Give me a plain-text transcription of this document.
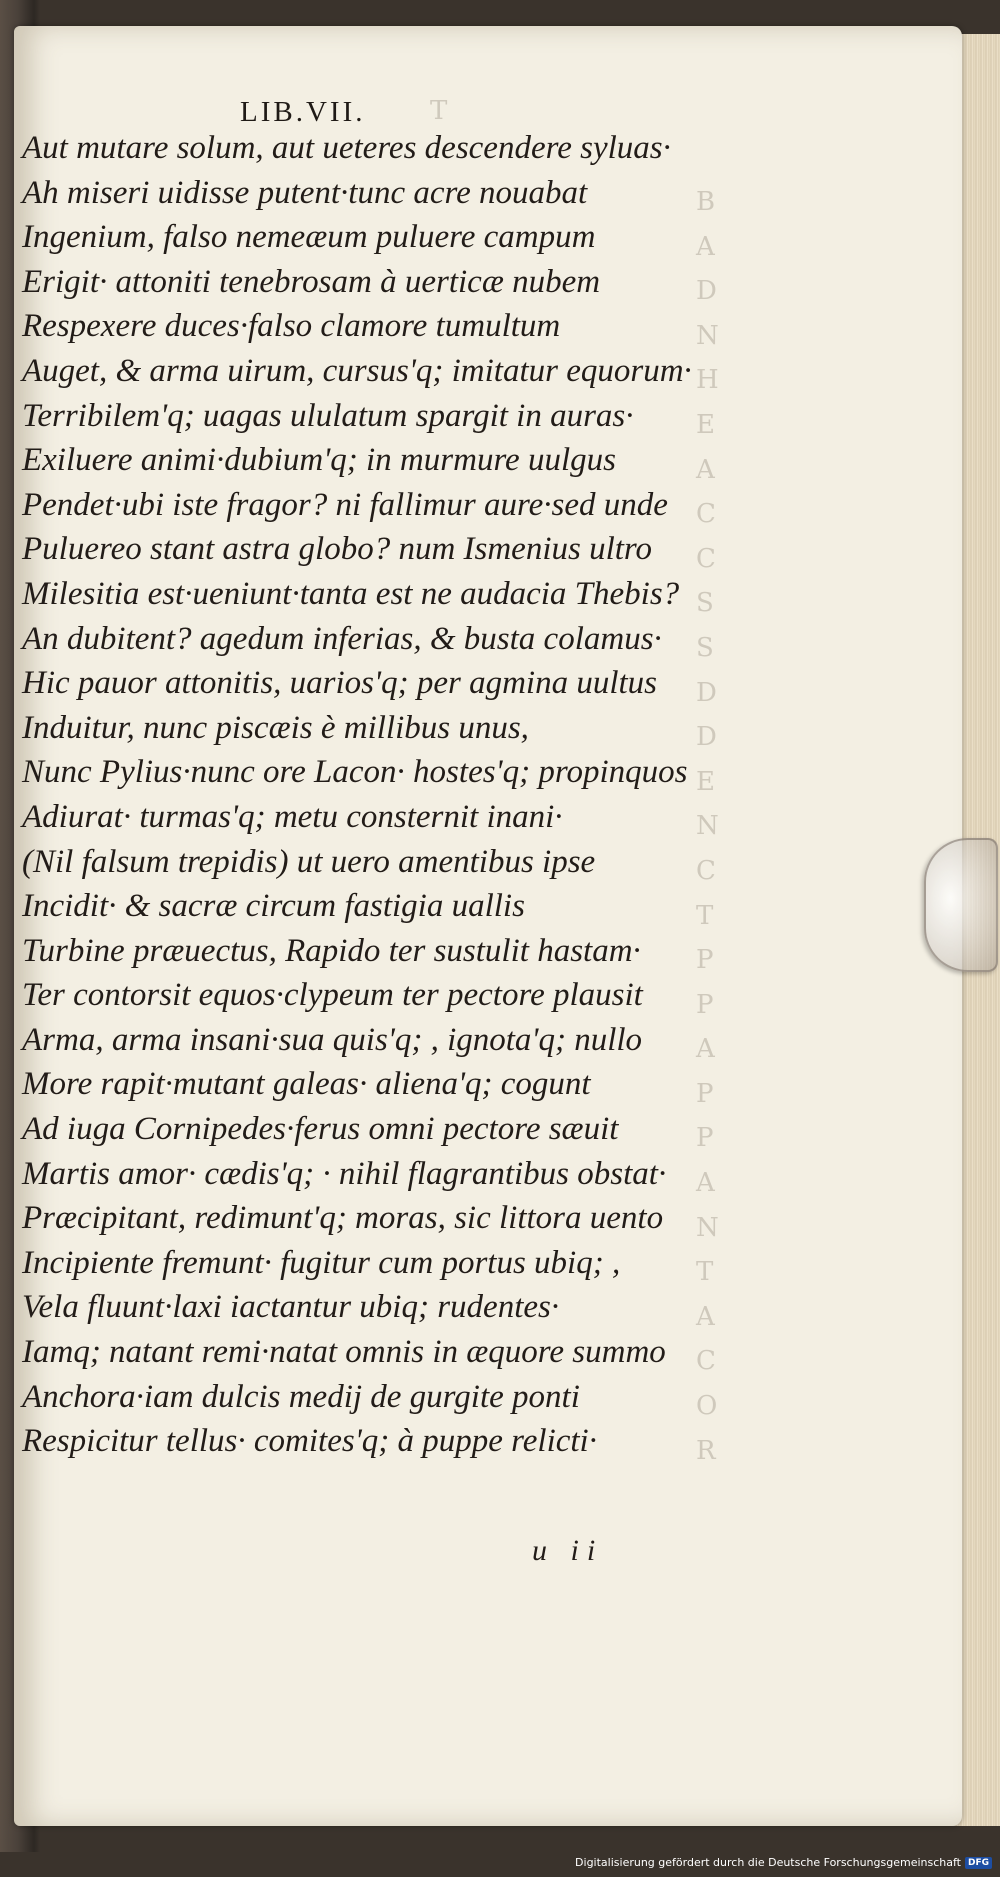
T
B
A
D
N
H
E
A
C
C
S
S
D
D
E
N
C
T
P
P
A
P
P
A
N
T
A
C
O
R
LIB.VII.
Aut mutare solum, aut ueteres descendere syluas·
Ah miseri uidisse putent·tunc acre nouabat
Ingenium, falso nemeæum puluere campum
Erigit· attoniti tenebrosam à uerticæ nubem
Respexere duces·falso clamore tumultum
Auget, & arma uirum, cursus'q; imitatur equorum·
Terribilem'q; uagas ululatum spargit in auras·
Exiluere animi·dubium'q; in murmure uulgus
Pendet·ubi iste fragor? ni fallimur aure·sed unde
Puluereo stant astra globo? num Ismenius ultro
Milesitia est·ueniunt·tanta est ne audacia Thebis?
An dubitent? agedum inferias, & busta colamus·
Hic pauor attonitis, uarios'q; per agmina uultus
Induitur, nunc piscæis è millibus unus,
Nunc Pylius·nunc ore Lacon· hostes'q; propinquos
Adiurat· turmas'q; metu consternit inani·
(Nil falsum trepidis) ut uero amentibus ipse
Incidit· & sacræ circum fastigia uallis
Turbine præuectus, Rapido ter sustulit hastam·
Ter contorsit equos·clypeum ter pectore plausit
Arma, arma insani·sua quis'q; , ignota'q; nullo
More rapit·mutant galeas· aliena'q; cogunt
Ad iuga Cornipedes·ferus omni pectore sæuit
Martis amor· cædis'q; · nihil flagrantibus obstat·
Præcipitant, redimunt'q; moras, sic littora uento
Incipiente fremunt· fugitur cum portus ubiq; ,
Vela fluunt·laxi iactantur ubiq; rudentes·
Iamq; natant remi·natat omnis in æquore summo
Anchora·iam dulcis medij de gurgite ponti
Respicitur tellus· comites'q; à puppe relicti·
u ii
Digitalisierung gefördert durch die Deutsche Forschungsgemeinschaft DFG
